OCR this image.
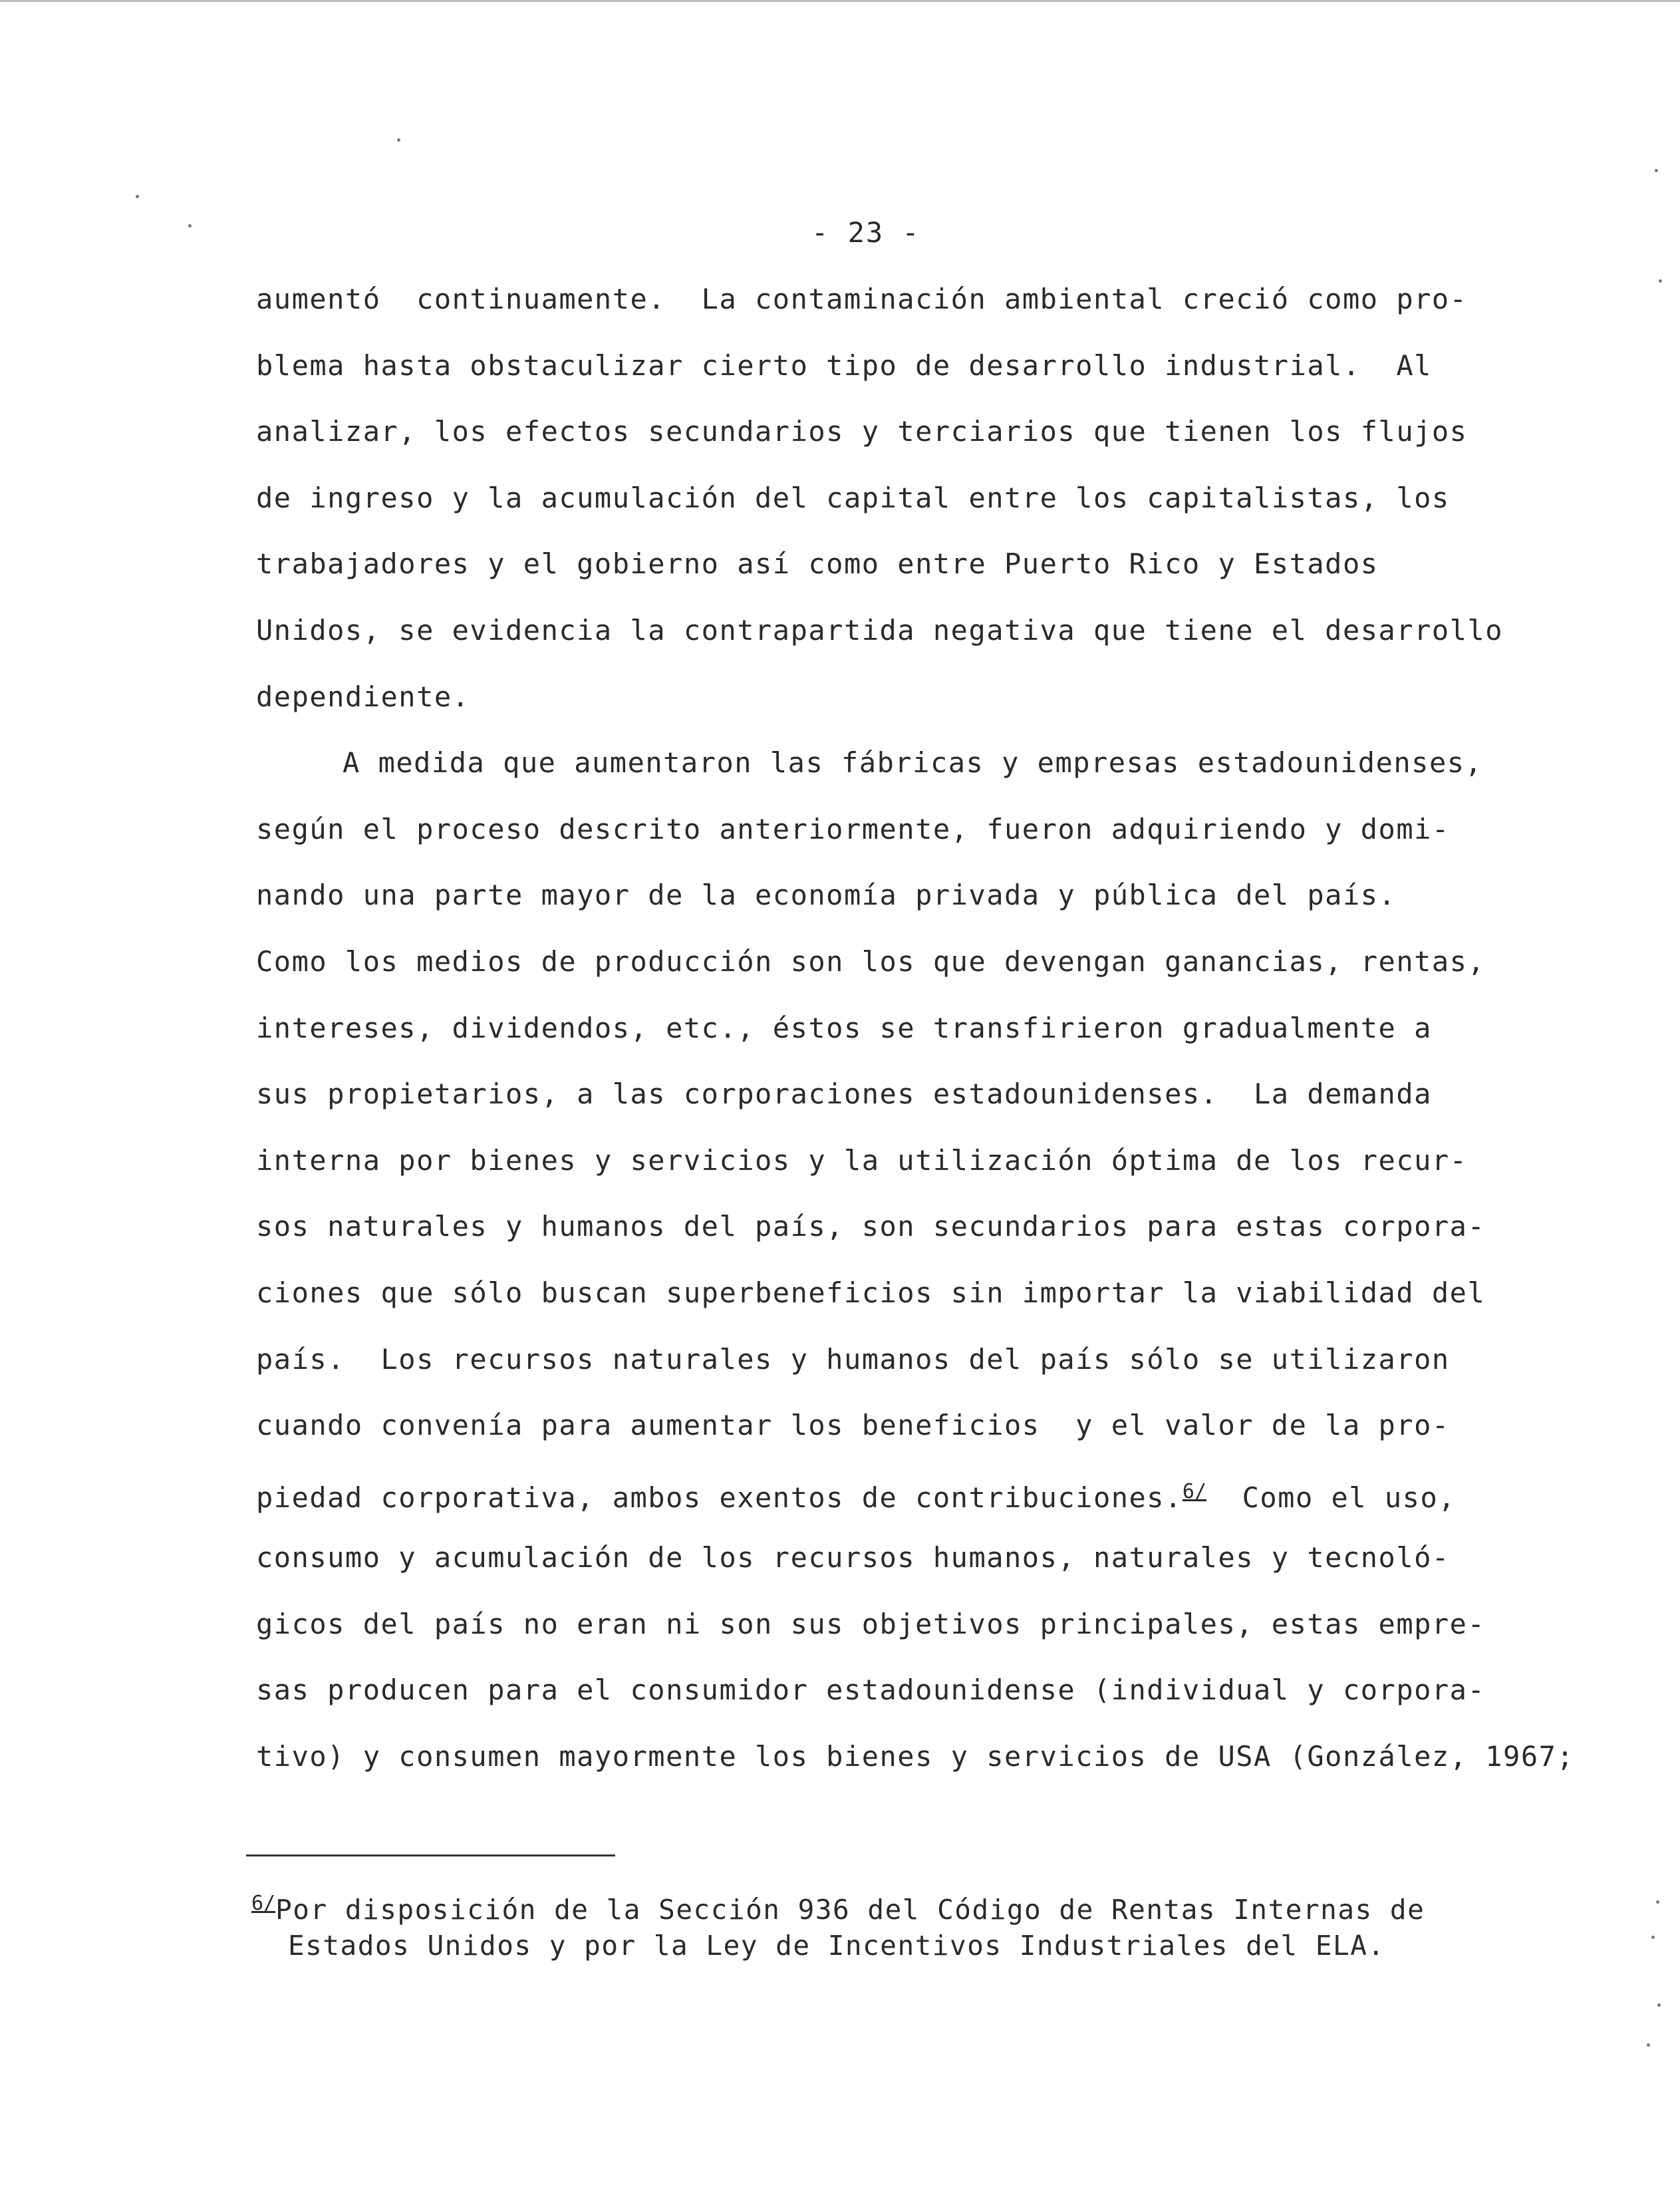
- 23 -
aumentó  continuamente.  La contaminación ambiental creció como pro-
blema hasta obstaculizar cierto tipo de desarrollo industrial.  Al
analizar, los efectos secundarios y terciarios que tienen los flujos
de ingreso y la acumulación del capital entre los capitalistas, los
trabajadores y el gobierno así como entre Puerto Rico y Estados
Unidos, se evidencia la contrapartida negativa que tiene el desarrollo
dependiente.
A medida que aumentaron las fábricas y empresas estadounidenses,
según el proceso descrito anteriormente, fueron adquiriendo y domi-
nando una parte mayor de la economía privada y pública del país.
Como los medios de producción son los que devengan ganancias, rentas,
intereses, dividendos, etc., éstos se transfirieron gradualmente a
sus propietarios, a las corporaciones estadounidenses.  La demanda
interna por bienes y servicios y la utilización óptima de los recur-
sos naturales y humanos del país, son secundarios para estas corpora-
ciones que sólo buscan superbeneficios sin importar la viabilidad del
país.  Los recursos naturales y humanos del país sólo se utilizaron
cuando convenía para aumentar los beneficios  y el valor de la pro-
piedad corporativa, ambos exentos de contribuciones.$^{6/}$  Como el uso,
consumo y acumulación de los recursos humanos, naturales y tecnoló-
gicos del país no eran ni son sus objetivos principales, estas empre-
sas producen para el consumidor estadounidense (individual y corpora-
tivo) y consumen mayormente los bienes y servicios de USA (González, 1967;
$^{6/}$Por disposición de la Sección 936 del Código de Rentas Internas de
Estados Unidos y por la Ley de Incentivos Industriales del ELA.
